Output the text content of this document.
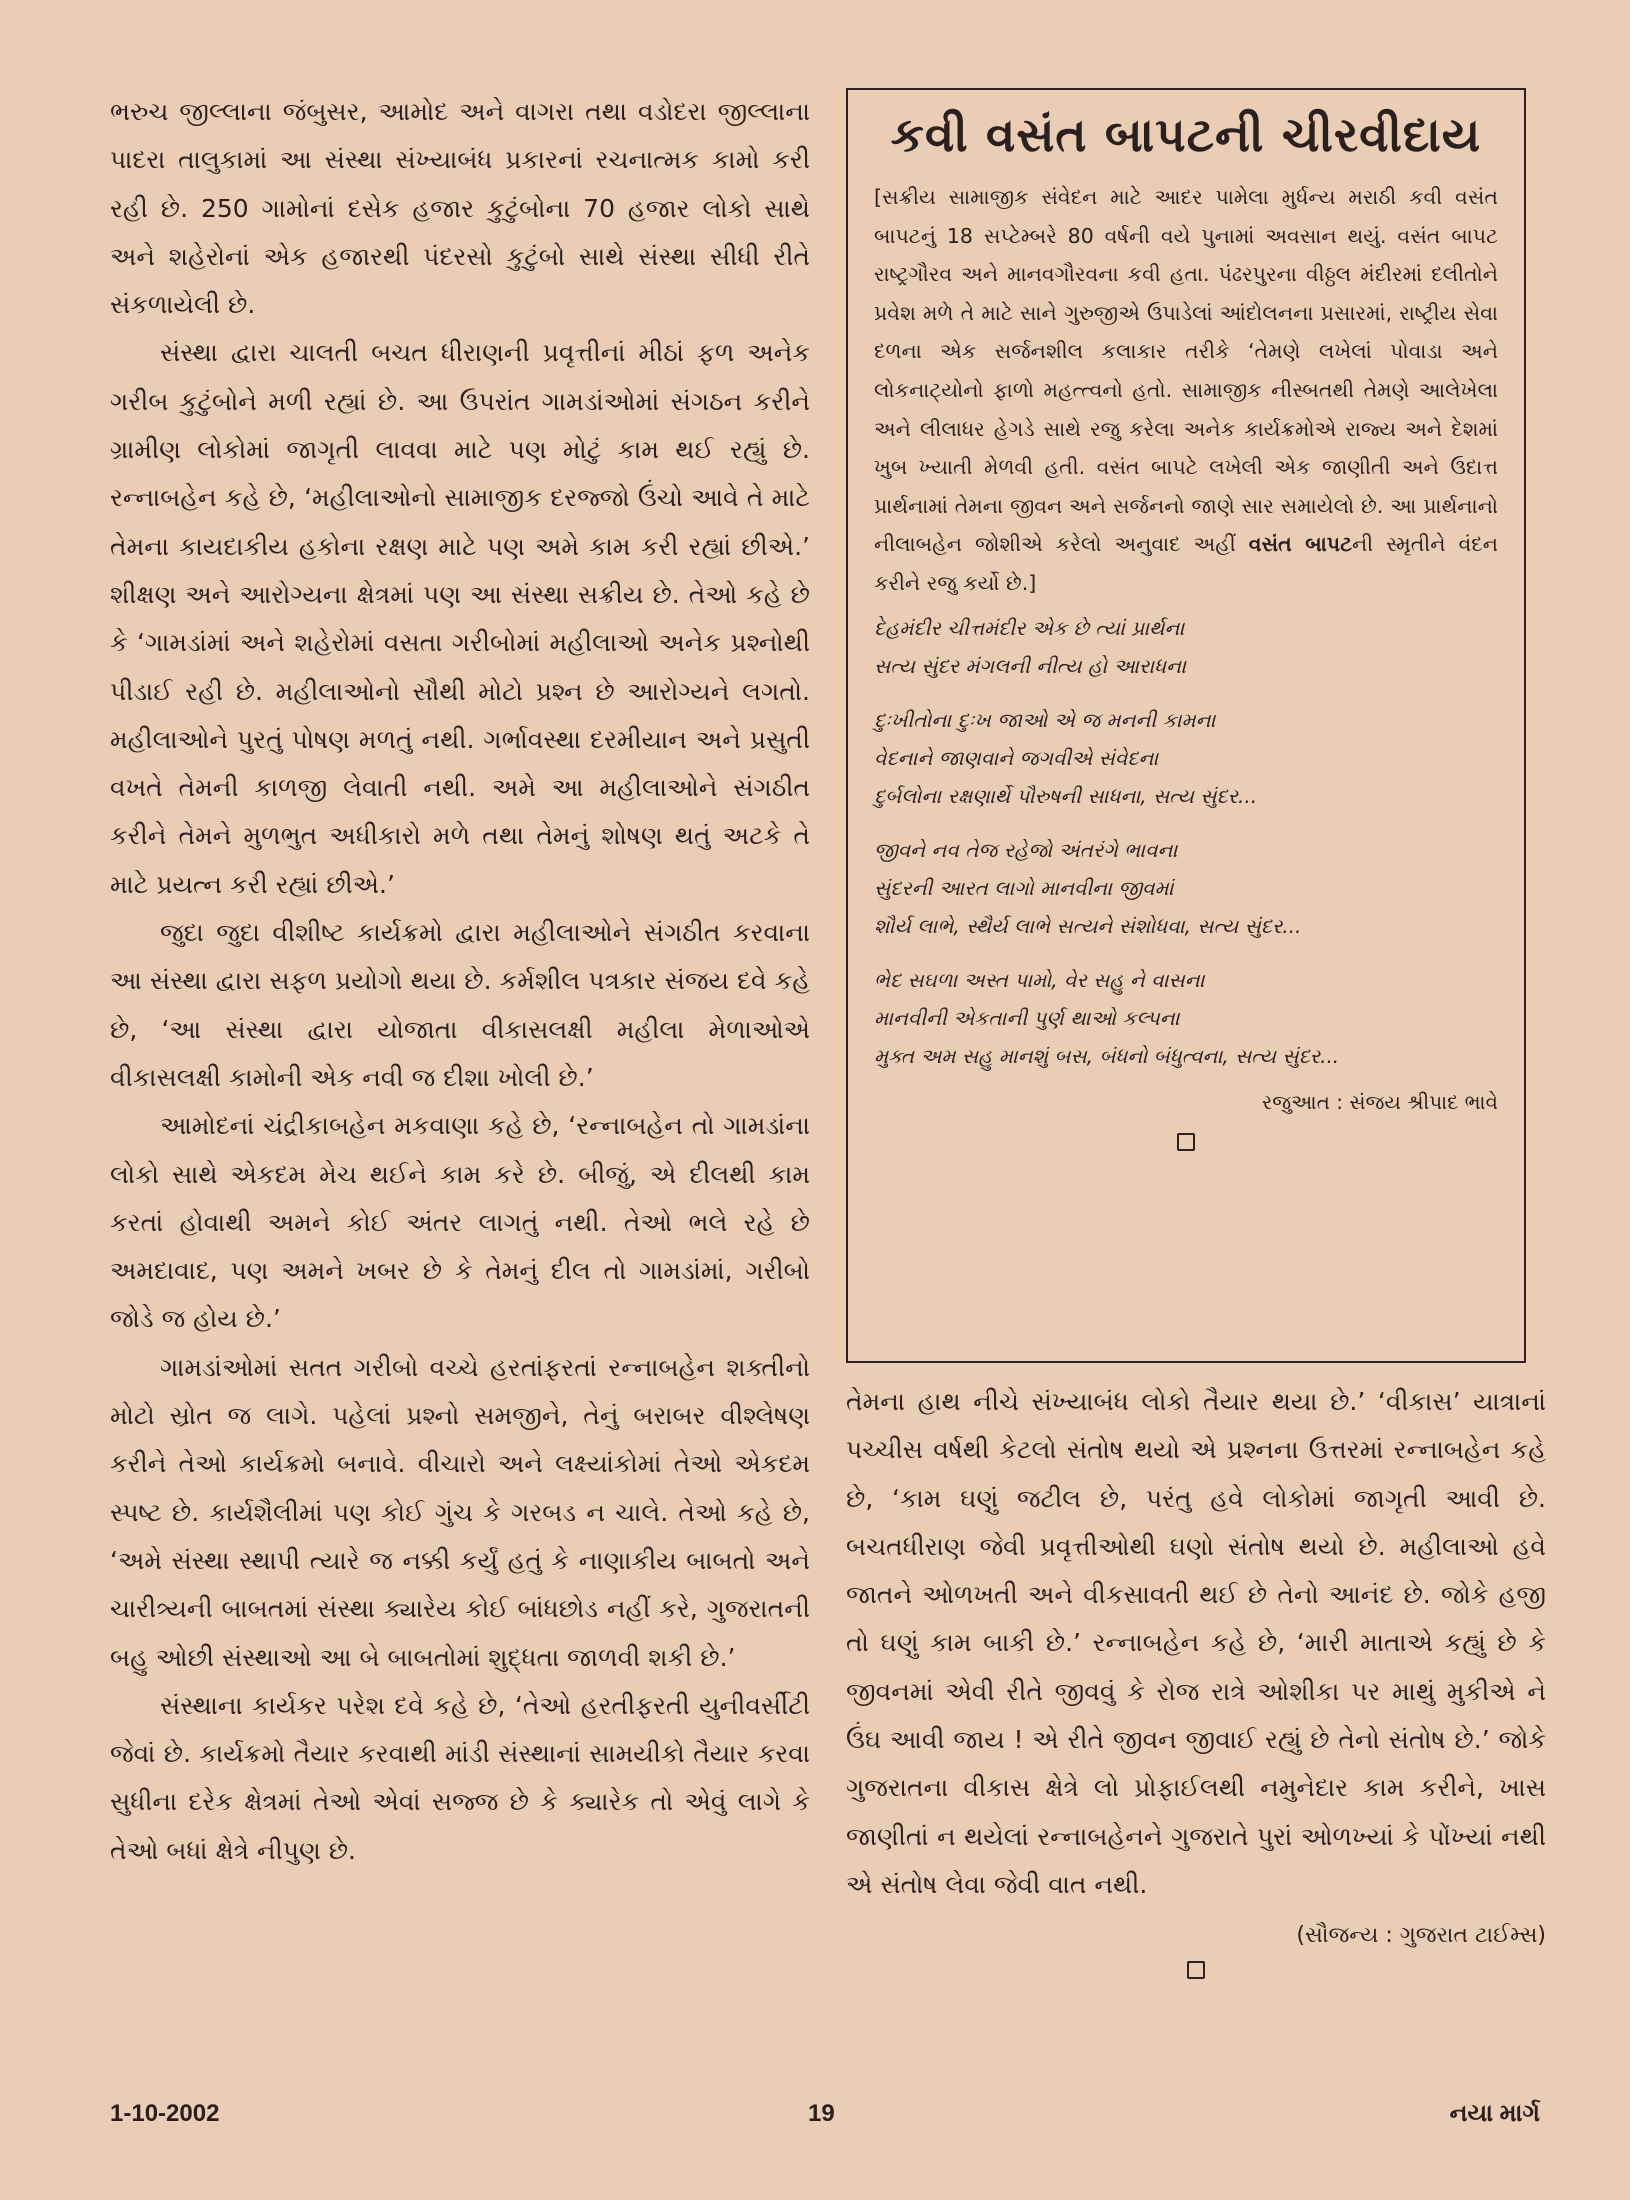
ભરુચ જીલ્લાના જંબુસર, આમોદ અને વાગરા તથા વડોદરા જીલ્લાના પાદરા તાલુકામાં આ સંસ્થા સંખ્યાબંધ પ્રકારનાં રચનાત્મક કામો કરી રહી છે. 250 ગામોનાં દસેક હજાર કુટુંબોના 70 હજાર લોકો સાથે અને શહેરોનાં એક હજારથી પંદરસો કુટુંબો સાથે સંસ્થા સીધી રીતે સંકળાયેલી છે.

સંસ્થા દ્વારા ચાલતી બચત ધીરાણની પ્રવૃત્તીનાં મીઠાં ફળ અનેક ગરીબ કુટુંબોને મળી રહ્યાં છે. આ ઉપરાંત ગામડાંઓમાં સંગઠન કરીને ગ્રામીણ લોકોમાં જાગૃતી લાવવા માટે પણ મોટું કામ થઈ રહ્યું છે. રન્નાબહેન કહે છે, ‘મહીલાઓનો સામાજીક દરજ્જો ઉંચો આવે તે માટે તેમના કાયદાકીય હકોના રક્ષણ માટે પણ અમે કામ કરી રહ્યાં છીએ.’ શીક્ષણ અને આરોગ્યના ક્ષેત્રમાં પણ આ સંસ્થા સક્રીય છે. તેઓ કહે છે કે ‘ગામડાંમાં અને શહેરોમાં વસતા ગરીબોમાં મહીલાઓ અનેક પ્રશ્નોથી પીડાઈ રહી છે. મહીલાઓનો સૌથી મોટો પ્રશ્ન છે આરોગ્યને લગતો. મહીલાઓને પુરતું પોષણ મળતું નથી. ગર્ભાવસ્થા દરમીયાન અને પ્રસુતી વખતે તેમની કાળજી લેવાતી નથી. અમે આ મહીલાઓને સંગઠીત કરીને તેમને મુળભુત અધીકારો મળે તથા તેમનું શોષણ થતું અટકે તે માટે પ્રયત્ન કરી રહ્યાં છીએ.’

જુદા જુદા વીશીષ્ટ કાર્યક્રમો દ્વારા મહીલાઓને સંગઠીત કરવાના આ સંસ્થા દ્વારા સફળ પ્રયોગો થયા છે. કર્મશીલ પત્રકાર સંજય દવે કહે છે, ‘આ સંસ્થા દ્વારા યોજાતા વીકાસલક્ષી મહીલા મેળાઓએ વીકાસલક્ષી કામોની એક નવી જ દીશા ખોલી છે.’

આમોદનાં ચંદ્રીકાબહેન મકવાણા કહે છે, ‘રન્નાબહેન તો ગામડાંના લોકો સાથે એકદમ મેચ થઈને કામ કરે છે. બીજું, એ દીલથી કામ કરતાં હોવાથી અમને કોઈ અંતર લાગતું નથી. તેઓ ભલે રહે છે અમદાવાદ, પણ અમને ખબર છે કે તેમનું દીલ તો ગામડાંમાં, ગરીબો જોડે જ હોય છે.’

ગામડાંઓમાં સતત ગરીબો વચ્ચે હરતાંફરતાં રન્નાબહેન શક્તીનો મોટો સ્રોત જ લાગે. પહેલાં પ્રશ્નો સમજીને, તેનું બરાબર વીશ્લેષણ કરીને તેઓ કાર્યક્રમો બનાવે. વીચારો અને લક્ષ્યાંકોમાં તેઓ એકદમ સ્પષ્ટ છે. કાર્યશૈલીમાં પણ કોઈ ગુંચ કે ગરબડ ન ચાલે. તેઓ કહે છે, ‘અમે સંસ્થા સ્થાપી ત્યારે જ નક્કી કર્યું હતું કે નાણાકીય બાબતો અને ચારીત્ર્યની બાબતમાં સંસ્થા ક્યારેય કોઈ બાંધછોડ નહીં કરે, ગુજરાતની બહુ ઓછી સંસ્થાઓ આ બે બાબતોમાં શુદ્ધતા જાળવી શકી છે.’

સંસ્થાના કાર્યકર પરેશ દવે કહે છે, ‘તેઓ હરતીફરતી યુનીવર્સીટી જેવાં છે. કાર્યક્રમો તૈયાર કરવાથી માંડી સંસ્થાનાં સામયીકો તૈયાર કરવા સુધીના દરેક ક્ષેત્રમાં તેઓ એવાં સજ્જ છે કે ક્યારેક તો એવું લાગે કે તેઓ બધાં ક્ષેત્રે નીપુણ છે.

કવી વસંત બાપટની ચીરવીદાય

[સક્રીય સામાજીક સંવેદન માટે આદર પામેલા મુર્ધન્ય મરાઠી કવી વસંત બાપટનું 18 સપ્ટેમ્બરે 80 વર્ષની વયે પુનામાં અવસાન થયું. વસંત બાપટ રાષ્ટ્રગૌરવ અને માનવગૌરવના કવી હતા. પંઢરપુરના વીઠ્ઠલ મંદીરમાં દલીતોને પ્રવેશ મળે તે માટે સાને ગુરુજીએ ઉપાડેલાં આંદોલનના પ્રસારમાં, રાષ્ટ્રીય સેવા દળના એક સર્જનશીલ કલાકાર તરીકે ‘તેમણે લખેલાં પોવાડા અને લોકનાટ્યોનો ફાળો મહત્ત્વનો હતો. સામાજીક નીસ્બતથી તેમણે આલેખેલા અને લીલાધર હેગડે સાથે રજુ કરેલા અનેક કાર્યક્રમોએ રાજ્ય અને દેશમાં ખુબ ખ્યાતી મેળવી હતી. વસંત બાપટે લખેલી એક જાણીતી અને ઉદાત્ત પ્રાર્થનામાં તેમના જીવન અને સર્જનનો જાણે સાર સમાયેલો છે. આ પ્રાર્થનાનો નીલાબહેન જોશીએ કરેલો અનુવાદ અહીં વસંત બાપટની સ્મૃતીને વંદન કરીને રજુ કર્યો છે.]

દેહમંદીર ચીત્તમંદીર એક છે ત્યાં પ્રાર્થના
સત્ય સુંદર મંગલની નીત્ય હો આરાધના
દુઃખીતોના દુઃખ જાઓ એ જ મનની કામના
વેદનાને જાણવાને જગવીએ સંવેદના
દુર્બલોના રક્ષણાર્થે પૌરુષની સાધના, સત્ય સુંદર...
જીવને નવ તેજ રહેજો અંતરંગે ભાવના
સુંદરની આરત લાગો માનવીના જીવમાં
શૌર્ય લાભે, સ્થૈર્ય લાભે સત્યને સંશોધવા, સત્ય સુંદર...
ભેદ સઘળા અસ્ત પામો, વેર સહુ ને વાસના
માનવીની એકતાની પુર્ણ થાઓ કલ્પના
મુક્ત અમ સહુ માનશું બસ, બંધનો બંધુત્વના, સત્ય સુંદર...
રજુઆત : સંજય શ્રીપાદ ભાવે

તેમના હાથ નીચે સંખ્યાબંધ લોકો તૈયાર થયા છે.’ ‘વીકાસ’ યાત્રાનાં પચ્ચીસ વર્ષથી કેટલો સંતોષ થયો એ પ્રશ્નના ઉત્તરમાં રન્નાબહેન કહે છે, ‘કામ ઘણું જટીલ છે, પરંતુ હવે લોકોમાં જાગૃતી આવી છે. બચતધીરાણ જેવી પ્રવૃત્તીઓથી ઘણો સંતોષ થયો છે. મહીલાઓ હવે જાતને ઓળખતી અને વીકસાવતી થઈ છે તેનો આનંદ છે. જોકે હજી તો ઘણું કામ બાકી છે.’ રન્નાબહેન કહે છે, ‘મારી માતાએ કહ્યું છે કે જીવનમાં એવી રીતે જીવવું કે રોજ રાત્રે ઓશીકા પર માથું મુકીએ ને ઉંઘ આવી જાય ! એ રીતે જીવન જીવાઈ રહ્યું છે તેનો સંતોષ છે.’ જોકે ગુજરાતના વીકાસ ક્ષેત્રે લો પ્રોફાઈલથી નમુનેદાર કામ કરીને, ખાસ જાણીતાં ન થયેલાં રન્નાબહેનને ગુજરાતે પુરાં ઓળખ્યાં કે પોંખ્યાં નથી એ સંતોષ લેવા જેવી વાત નથી.

(સૌજન્ય : ગુજરાત ટાઈમ્સ)
1-10-2002	19	નયા માર્ગ
